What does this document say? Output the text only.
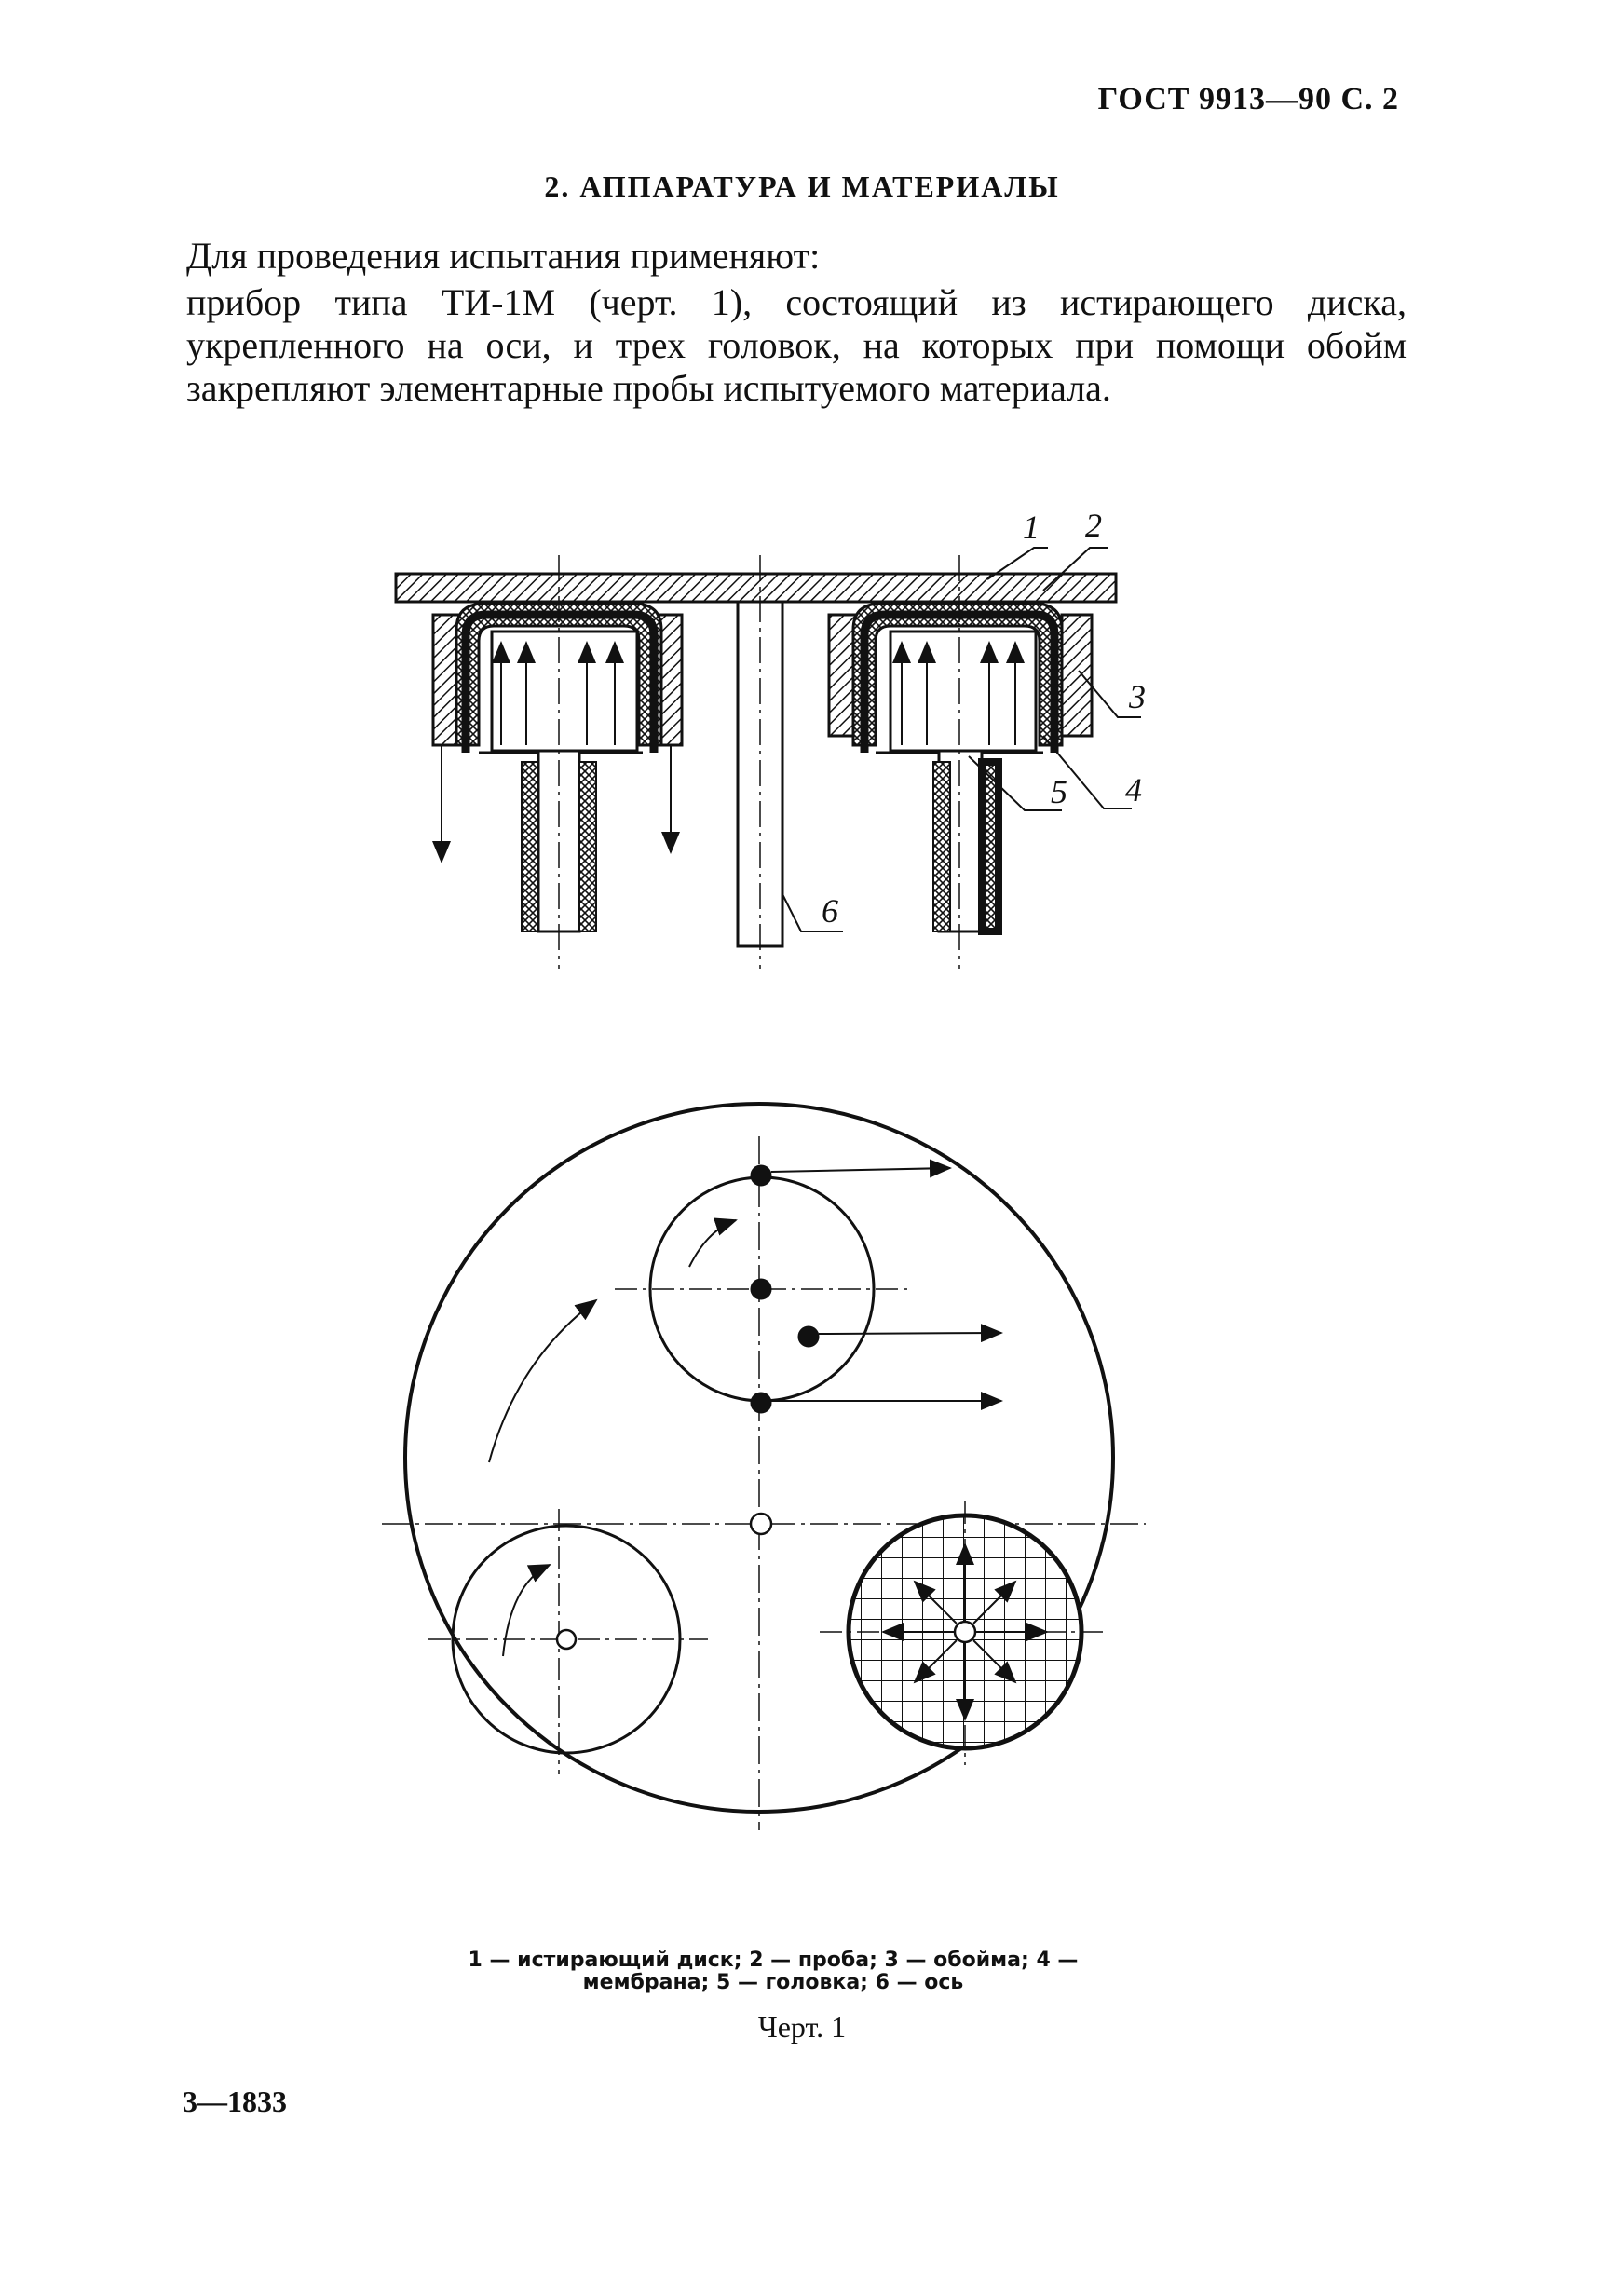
ГОСТ 9913—90 С. 2
2. АППАРАТУРА И МАТЕРИАЛЫ
Для проведения испытания применяют:
прибор типа ТИ-1М (черт. 1), состоящий из истирающего диска, укрепленного на оси, и трех головок, на которых при помощи обойм закрепляют элементарные пробы испытуемого материала.
1 2
3
4
5
6
1 — истирающий диск; 2 — проба; 3 — обойма; 4 —
мембрана; 5 — головка; 6 — ось
Черт. 1
3—1833
